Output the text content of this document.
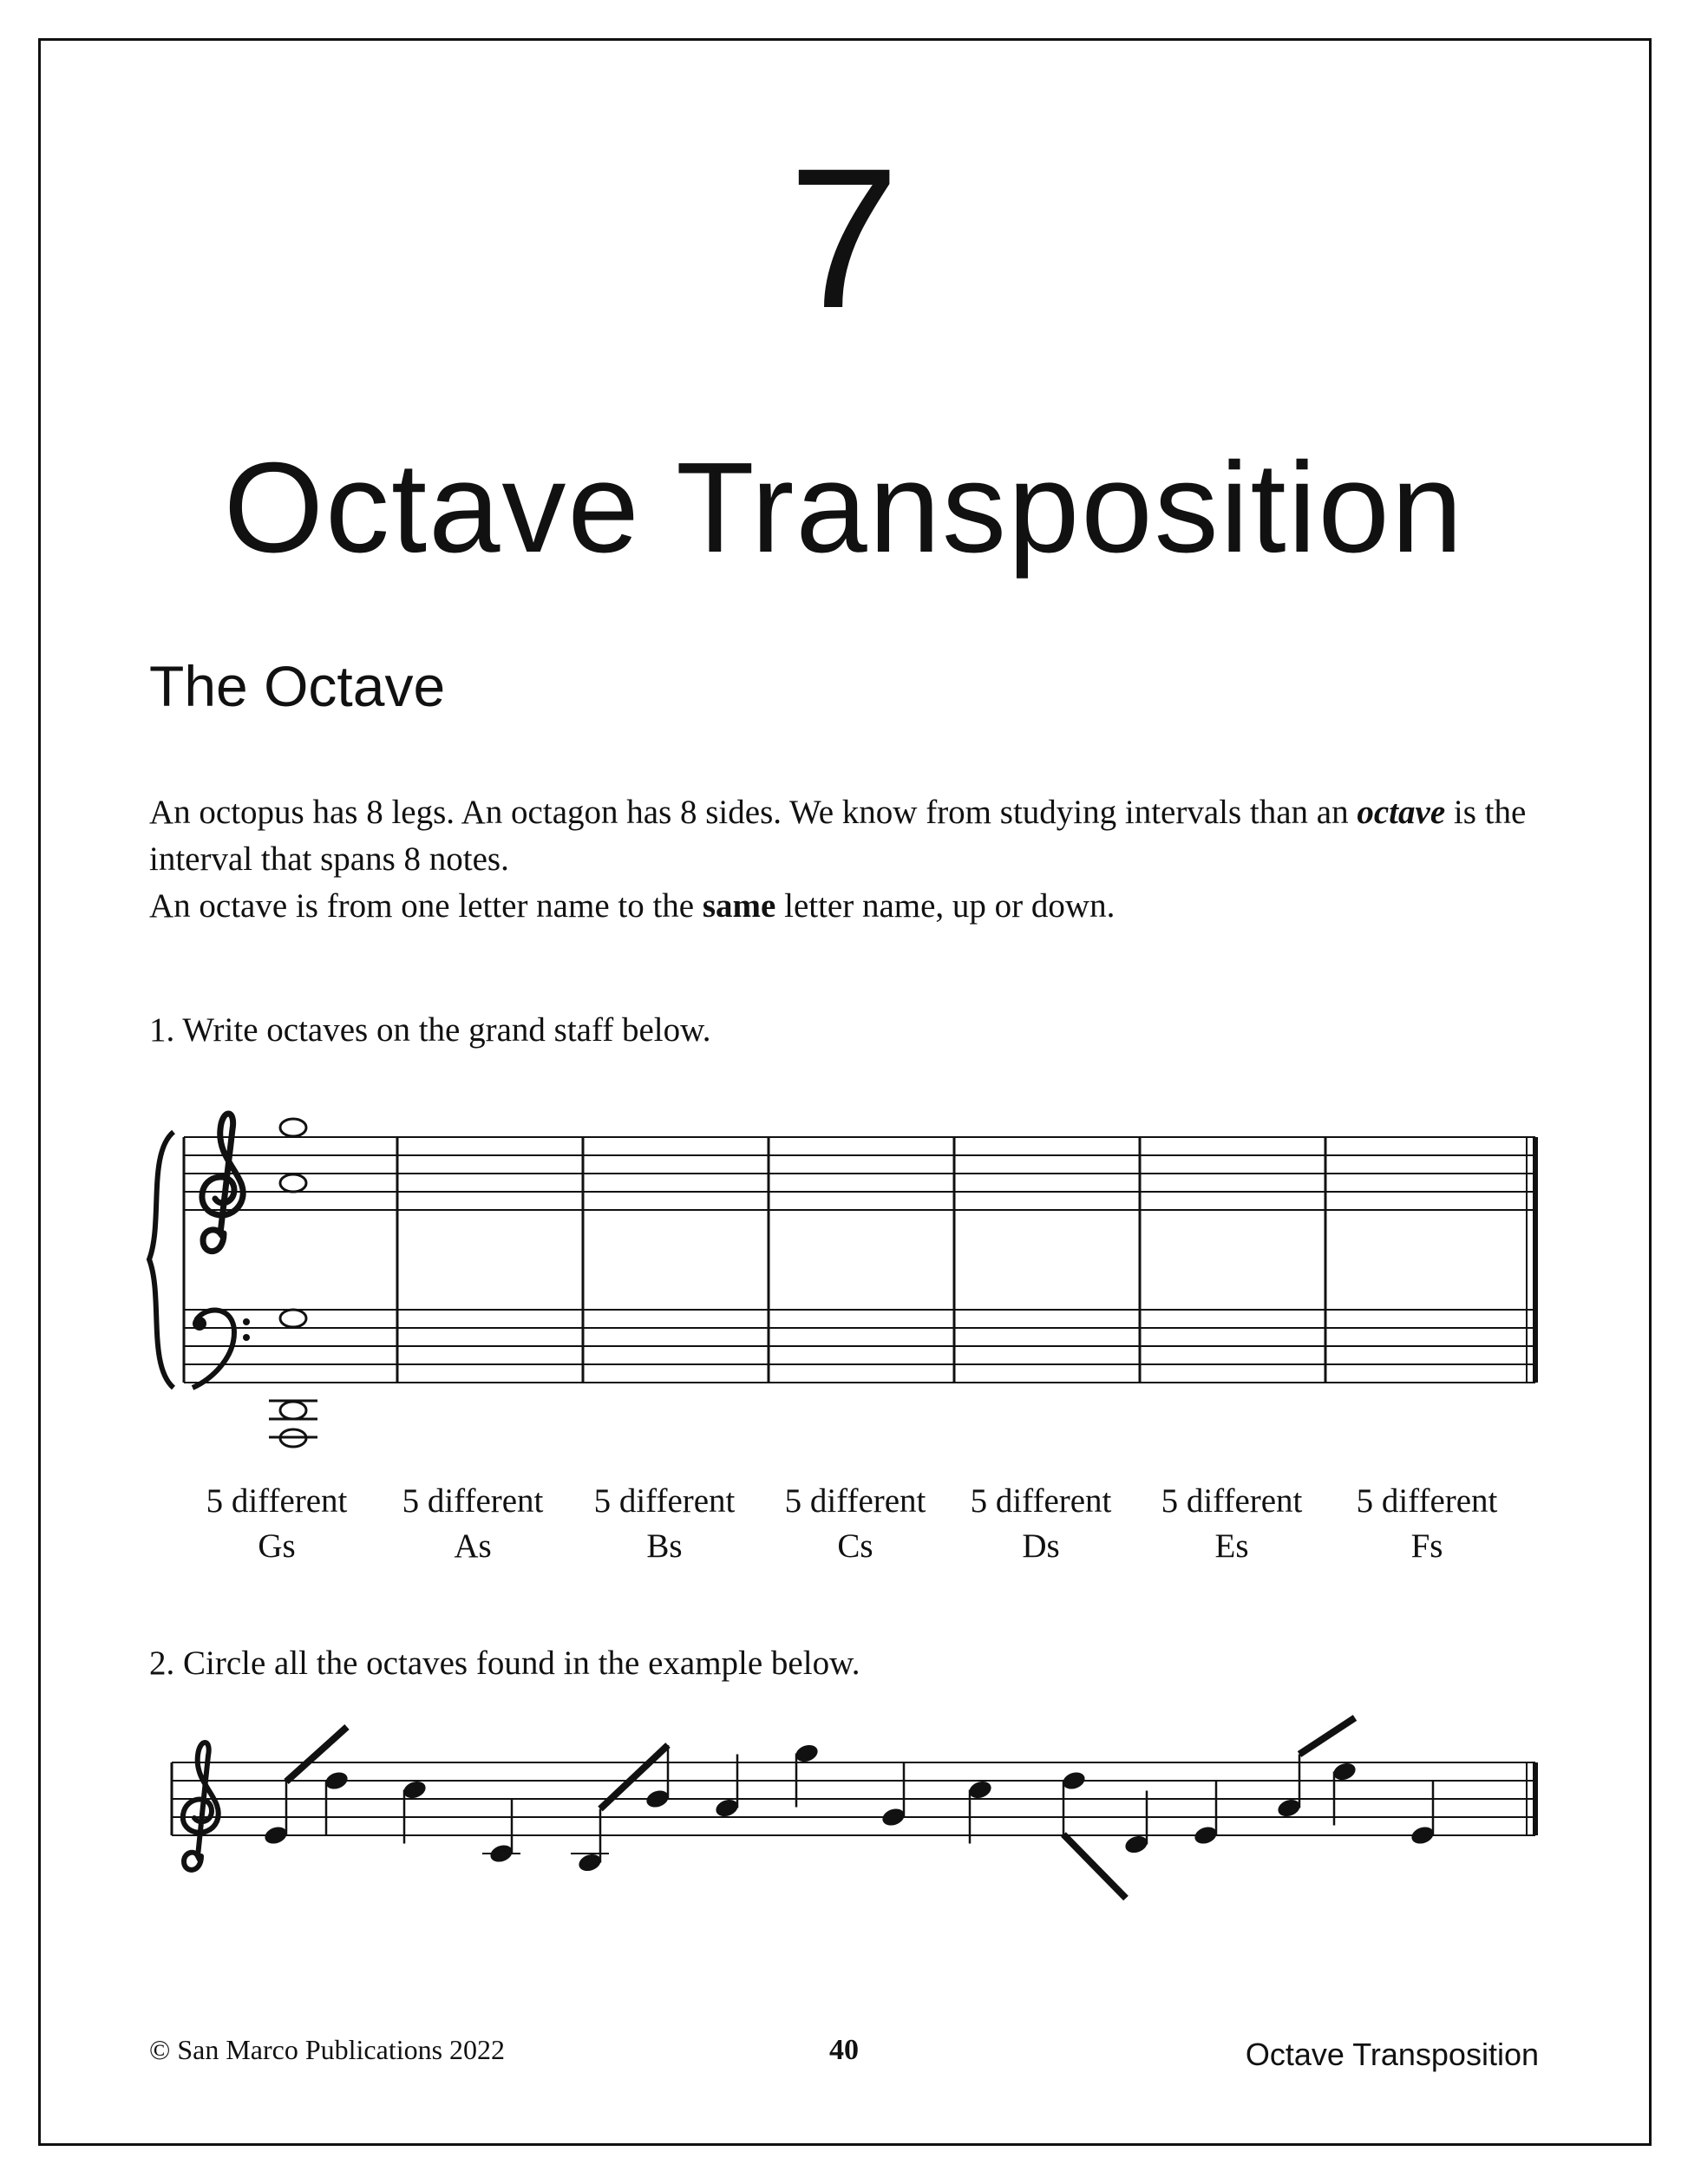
7
Octave Transposition
The Octave

An octopus has 8 legs. An octagon has 8 sides. We know from studying intervals than an octave is the interval that spans 8 notes.

An octave is from one letter name to the same letter name, up or down.

1. Write octaves on the grand staff below.
5 different
Gs
5 different
As
5 different
Bs
5 different
Cs
5 different
Ds
5 different
Es
5 different
Fs
2. Circle all the octaves found in the example below.
© San Marco Publications 2022	40	Octave Transposition
